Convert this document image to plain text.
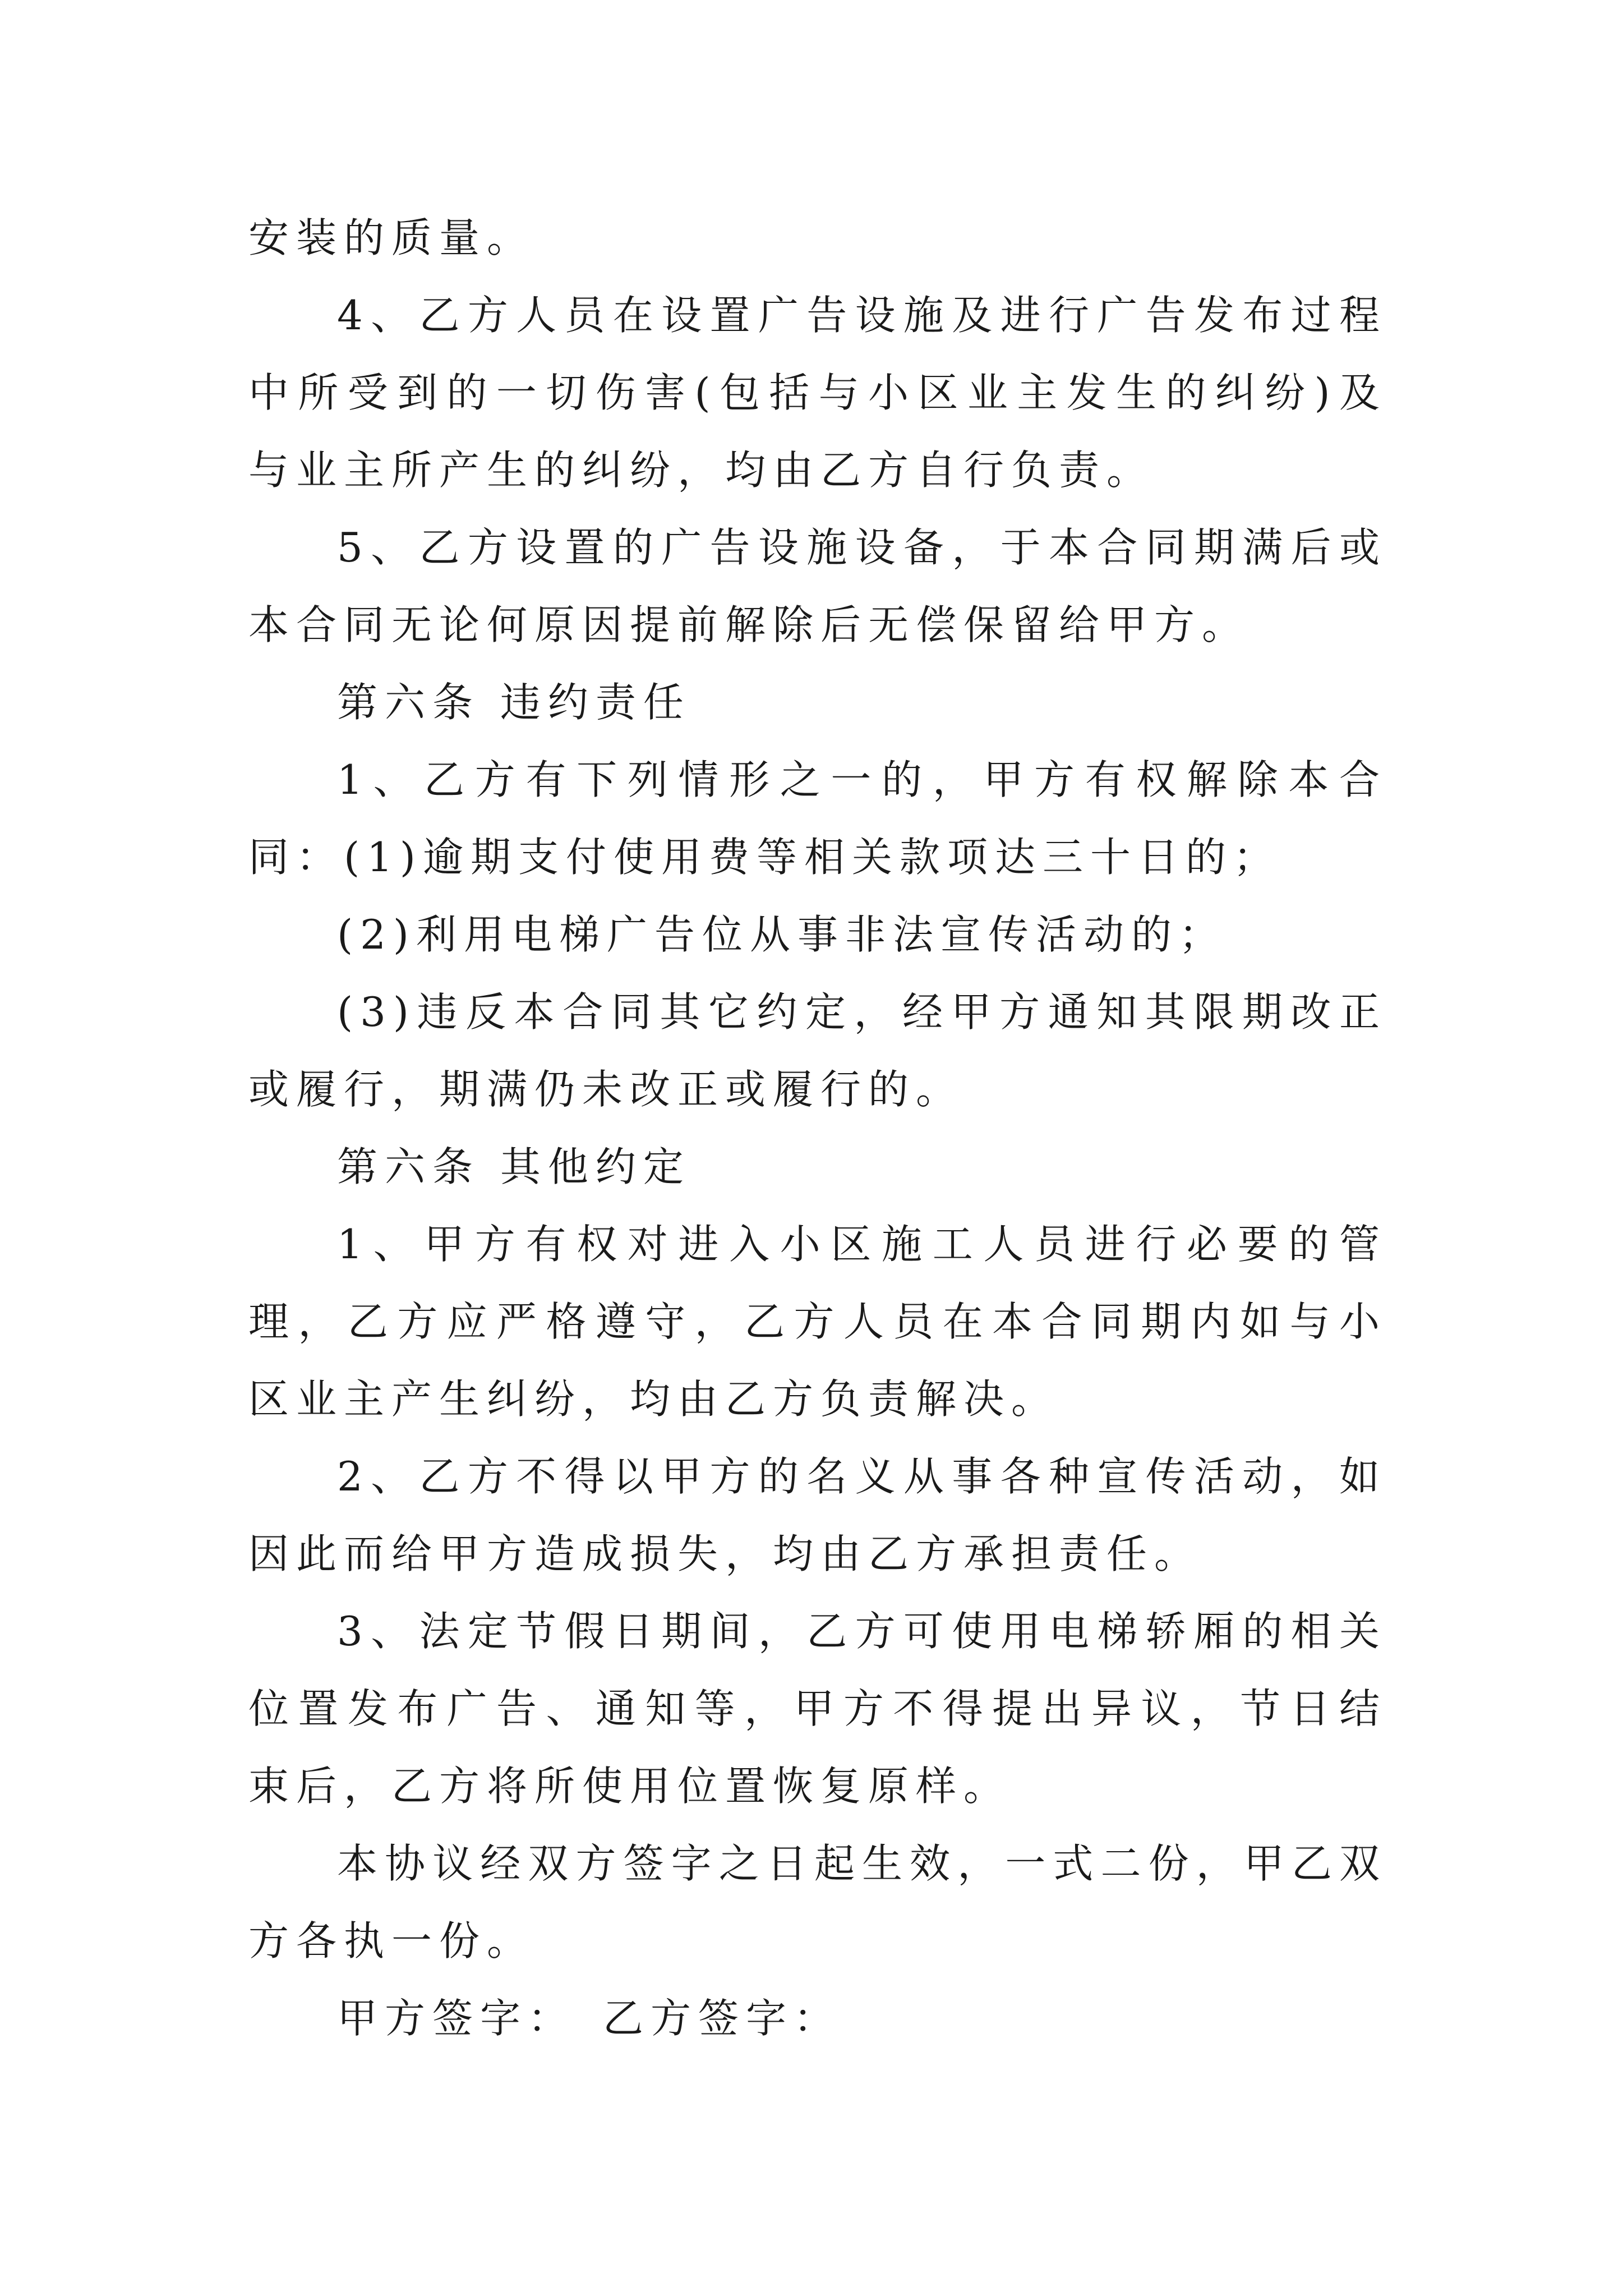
安装的质量。

4、乙方人员在设置广告设施及进行广告发布过程中所受到的一切伤害(包括与小区业主发生的纠纷)及与业主所产生的纠纷，均由乙方自行负责。

5、乙方设置的广告设施设备，于本合同期满后或本合同无论何原因提前解除后无偿保留给甲方。

第六条 违约责任

1、乙方有下列情形之一的，甲方有权解除本合同：(1)逾期支付使用费等相关款项达三十日的；

(2)利用电梯广告位从事非法宣传活动的；

(3)违反本合同其它约定，经甲方通知其限期改正或履行，期满仍未改正或履行的。

第六条 其他约定

1、甲方有权对进入小区施工人员进行必要的管理，乙方应严格遵守，乙方人员在本合同期内如与小区业主产生纠纷，均由乙方负责解决。

2、乙方不得以甲方的名义从事各种宣传活动，如因此而给甲方造成损失，均由乙方承担责任。

3、法定节假日期间，乙方可使用电梯轿厢的相关位置发布广告、通知等，甲方不得提出异议，节日结束后，乙方将所使用位置恢复原样。

本协议经双方签字之日起生效，一式二份，甲乙双方各执一份。

甲方签字：　乙方签字：
